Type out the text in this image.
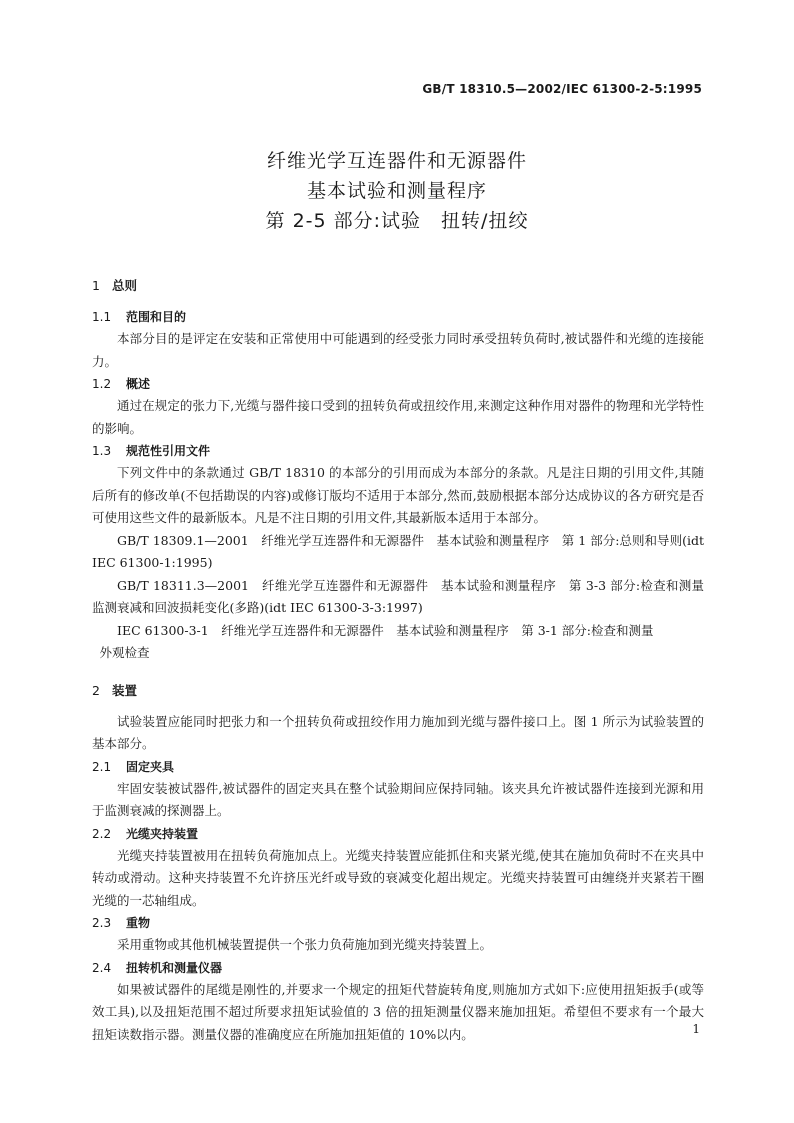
GB/T 18310.5—2002/IEC 61300-2-5:1995
纤维光学互连器件和无源器件
基本试验和测量程序
第 2-5 部分:试验　扭转/扭绞
1 总则
1.1 范围和目的

本部分目的是评定在安装和正常使用中可能遇到的经受张力同时承受扭转负荷时,被试器件和光缆的连接能力。

1.2 概述

通过在规定的张力下,光缆与器件接口受到的扭转负荷或扭绞作用,来测定这种作用对器件的物理和光学特性的影响。

1.3 规范性引用文件

下列文件中的条款通过 GB/T 18310 的本部分的引用而成为本部分的条款。凡是注日期的引用文件,其随后所有的修改单(不包括勘误的内容)或修订版均不适用于本部分,然而,鼓励根据本部分达成协议的各方研究是否可使用这些文件的最新版本。凡是不注日期的引用文件,其最新版本适用于本部分。

GB/T 18309.1—2001　纤维光学互连器件和无源器件　基本试验和测量程序　第 1 部分:总则和导则(idt IEC 61300-1:1995)

GB/T 18311.3—2001　纤维光学互连器件和无源器件　基本试验和测量程序　第 3-3 部分:检查和测量　监测衰减和回波损耗变化(多路)(idt IEC 61300-3-3:1997)

IEC 61300-3-1　纤维光学互连器件和无源器件　基本试验和测量程序　第 3-1 部分:检查和测量
外观检查
2 装置

试验装置应能同时把张力和一个扭转负荷或扭绞作用力施加到光缆与器件接口上。图 1 所示为试验装置的基本部分。

2.1 固定夹具

牢固安装被试器件,被试器件的固定夹具在整个试验期间应保持同轴。该夹具允许被试器件连接到光源和用于监测衰减的探测器上。

2.2 光缆夹持装置

光缆夹持装置被用在扭转负荷施加点上。光缆夹持装置应能抓住和夹紧光缆,使其在施加负荷时不在夹具中转动或滑动。这种夹持装置不允许挤压光纤或导致的衰减变化超出规定。光缆夹持装置可由缠绕并夹紧若干圈光缆的一芯轴组成。

2.3 重物

采用重物或其他机械装置提供一个张力负荷施加到光缆夹持装置上。

2.4 扭转机和测量仪器

如果被试器件的尾缆是刚性的,并要求一个规定的扭矩代替旋转角度,则施加方式如下:应使用扭矩扳手(或等效工具),以及扭矩范围不超过所要求扭矩试验值的 3 倍的扭矩测量仪器来施加扭矩。希望但不要求有一个最大扭矩读数指示器。测量仪器的准确度应在所施加扭矩值的 10%以内。	1
